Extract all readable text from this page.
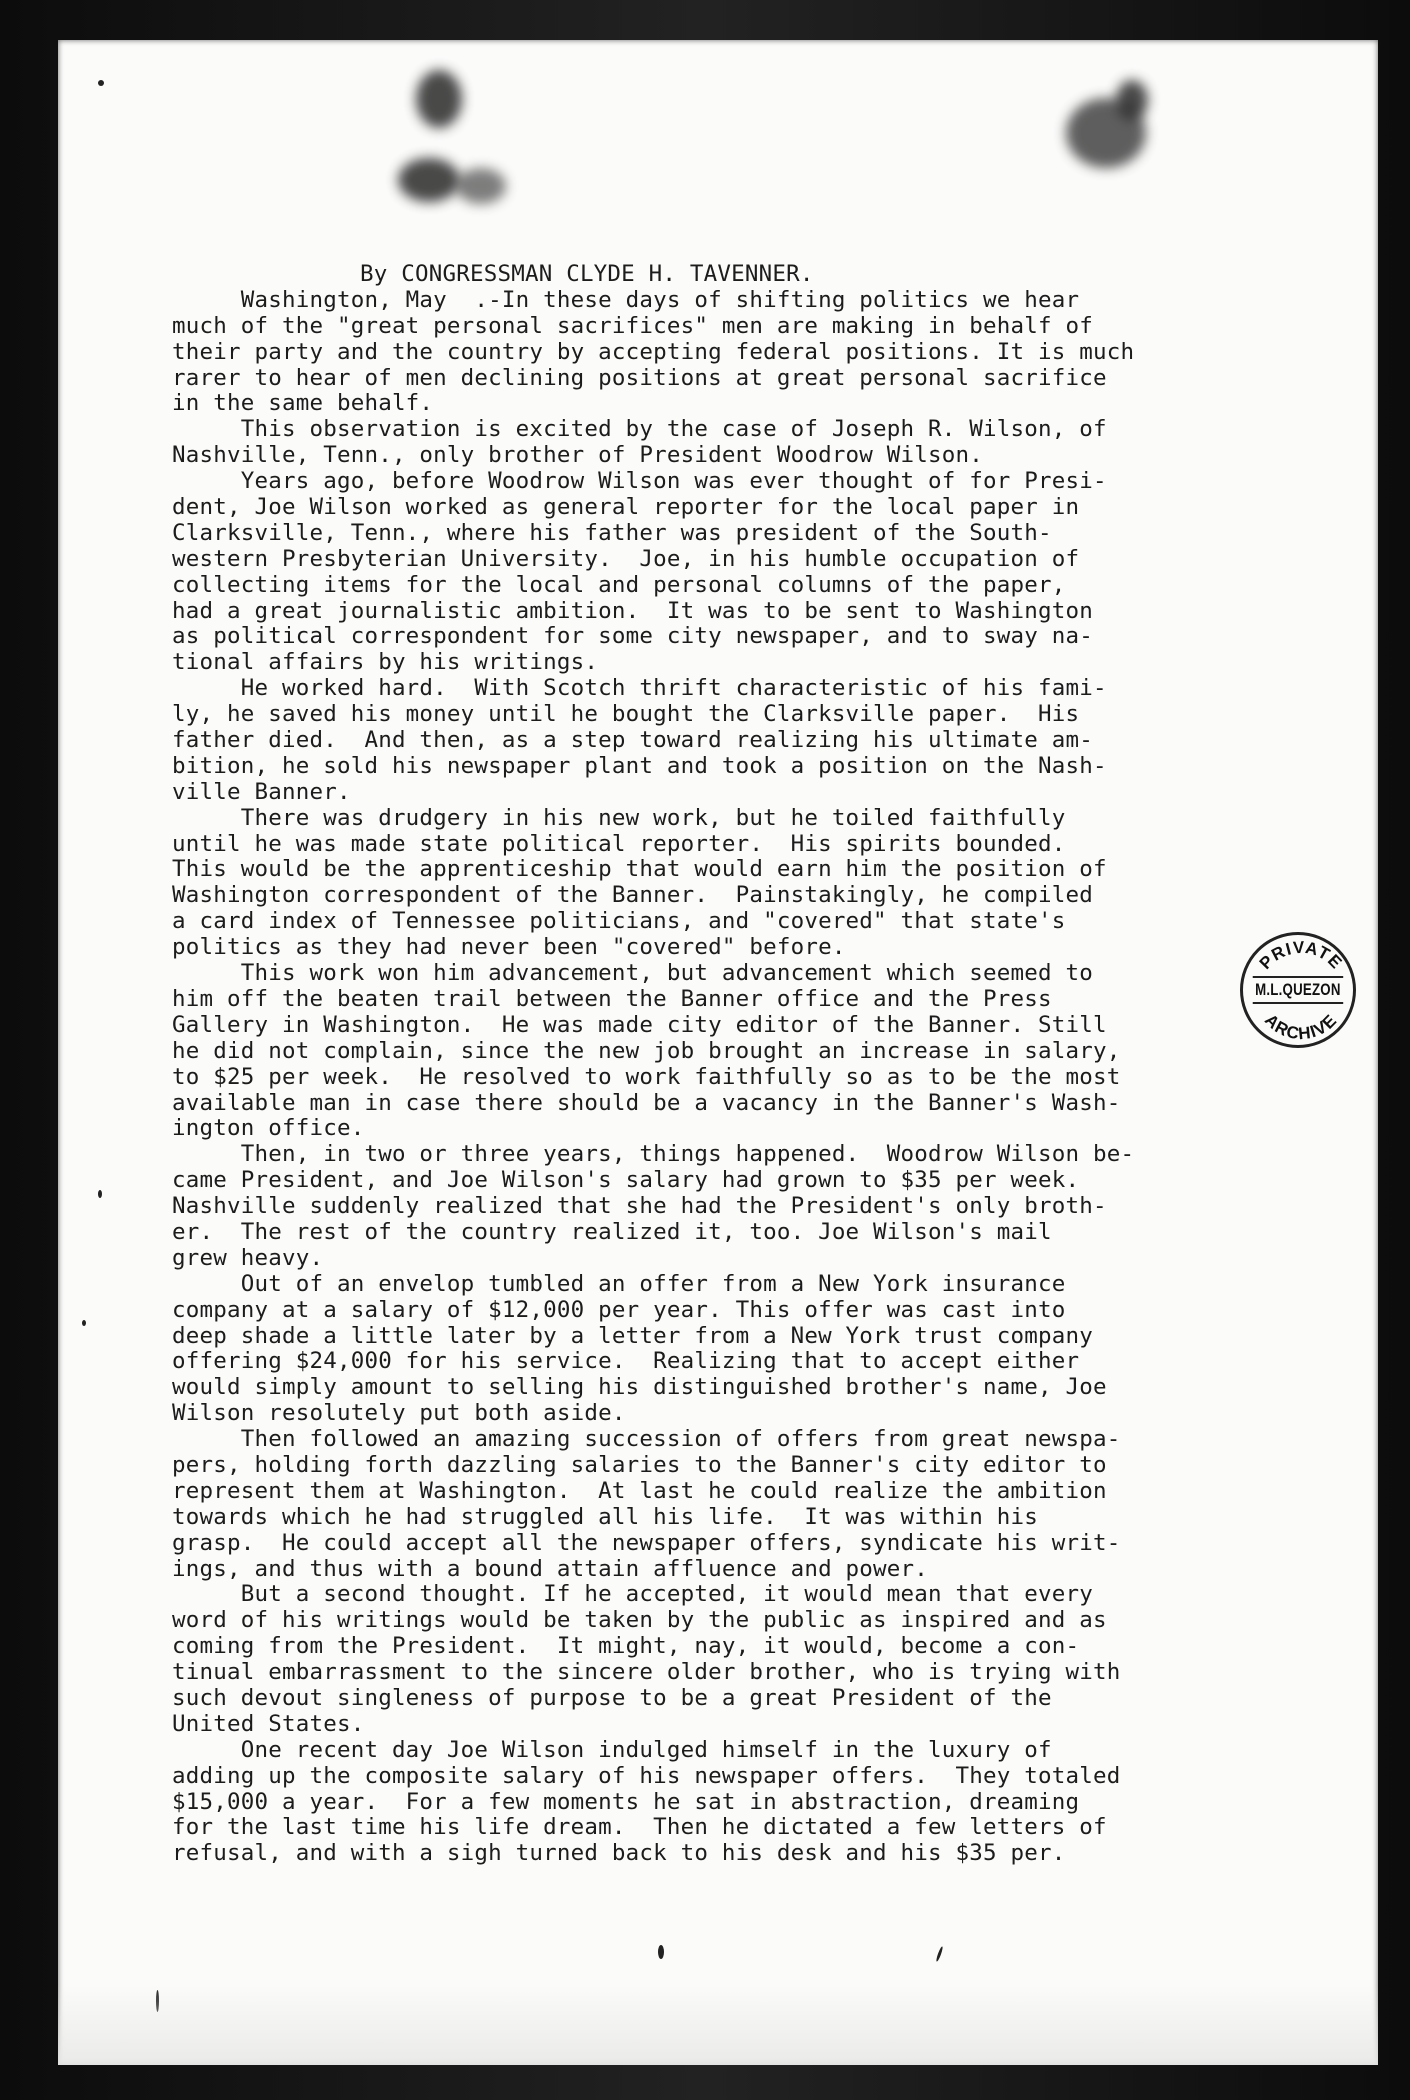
By CONGRESSMAN CLYDE H. TAVENNER.
Washington, May  .-In these days of shifting politics we hear
much of the "great personal sacrifices" men are making in behalf of
their party and the country by accepting federal positions. It is much
rarer to hear of men declining positions at great personal sacrifice
in the same behalf.
This observation is excited by the case of Joseph R. Wilson, of
Nashville, Tenn., only brother of President Woodrow Wilson.
Years ago, before Woodrow Wilson was ever thought of for Presi-
dent, Joe Wilson worked as general reporter for the local paper in
Clarksville, Tenn., where his father was president of the South-
western Presbyterian University.  Joe, in his humble occupation of
collecting items for the local and personal columns of the paper,
had a great journalistic ambition.  It was to be sent to Washington
as political correspondent for some city newspaper, and to sway na-
tional affairs by his writings.
He worked hard.  With Scotch thrift characteristic of his fami-
ly, he saved his money until he bought the Clarksville paper.  His
father died.  And then, as a step toward realizing his ultimate am-
bition, he sold his newspaper plant and took a position on the Nash-
ville Banner.
There was drudgery in his new work, but he toiled faithfully
until he was made state political reporter.  His spirits bounded.
This would be the apprenticeship that would earn him the position of
Washington correspondent of the Banner.  Painstakingly, he compiled
a card index of Tennessee politicians, and "covered" that state's
politics as they had never been "covered" before.
This work won him advancement, but advancement which seemed to
him off the beaten trail between the Banner office and the Press
Gallery in Washington.  He was made city editor of the Banner. Still
he did not complain, since the new job brought an increase in salary,
to $25 per week.  He resolved to work faithfully so as to be the most
available man in case there should be a vacancy in the Banner's Wash-
ington office.
Then, in two or three years, things happened.  Woodrow Wilson be-
came President, and Joe Wilson's salary had grown to $35 per week.
Nashville suddenly realized that she had the President's only broth-
er.  The rest of the country realized it, too. Joe Wilson's mail
grew heavy.
Out of an envelop tumbled an offer from a New York insurance
company at a salary of $12,000 per year. This offer was cast into
deep shade a little later by a letter from a New York trust company
offering $24,000 for his service.  Realizing that to accept either
would simply amount to selling his distinguished brother's name, Joe
Wilson resolutely put both aside.
Then followed an amazing succession of offers from great newspa-
pers, holding forth dazzling salaries to the Banner's city editor to
represent them at Washington.  At last he could realize the ambition
towards which he had struggled all his life.  It was within his
grasp.  He could accept all the newspaper offers, syndicate his writ-
ings, and thus with a bound attain affluence and power.
But a second thought. If he accepted, it would mean that every
word of his writings would be taken by the public as inspired and as
coming from the President.  It might, nay, it would, become a con-
tinual embarrassment to the sincere older brother, who is trying with
such devout singleness of purpose to be a great President of the
United States.
One recent day Joe Wilson indulged himself in the luxury of
adding up the composite salary of his newspaper offers.  They totaled
$15,000 a year.  For a few moments he sat in abstraction, dreaming
for the last time his life dream.  Then he dictated a few letters of
refusal, and with a sigh turned back to his desk and his $35 per.
PRIVATE
ARCHIVE
M.L.QUEZON
